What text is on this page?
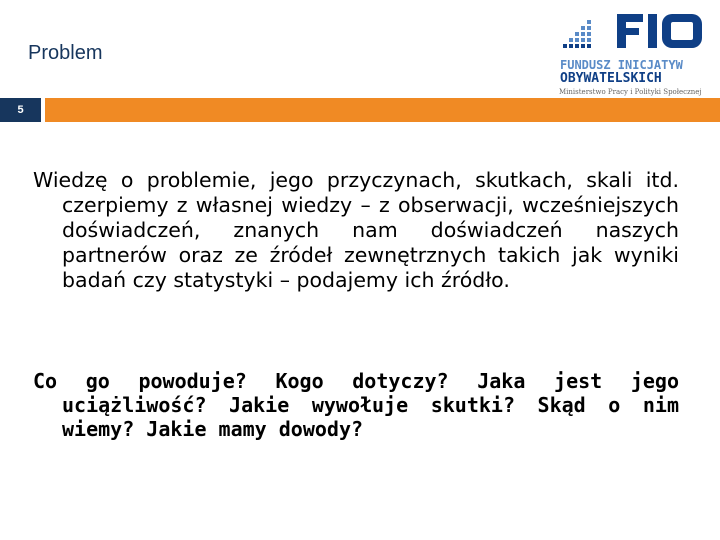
Problem
FUNDUSZ INICJATYW
OBYWATELSKICH
Ministerstwo Pracy i Polityki Społecznej
5
Wiedzę o problemie, jego przyczynach, skutkach, skali itd. czerpiemy z własnej wiedzy – z obserwacji, wcześniejszych doświadczeń, znanych nam doświadczeń naszych partnerów oraz ze źródeł zewnętrznych takich jak wyniki badań czy statystyki – podajemy ich źródło.
Co go powoduje? Kogo dotyczy? Jaka jest jego uciążliwość? Jakie wywołuje skutki? Skąd o nim wiemy? Jakie mamy dowody?
